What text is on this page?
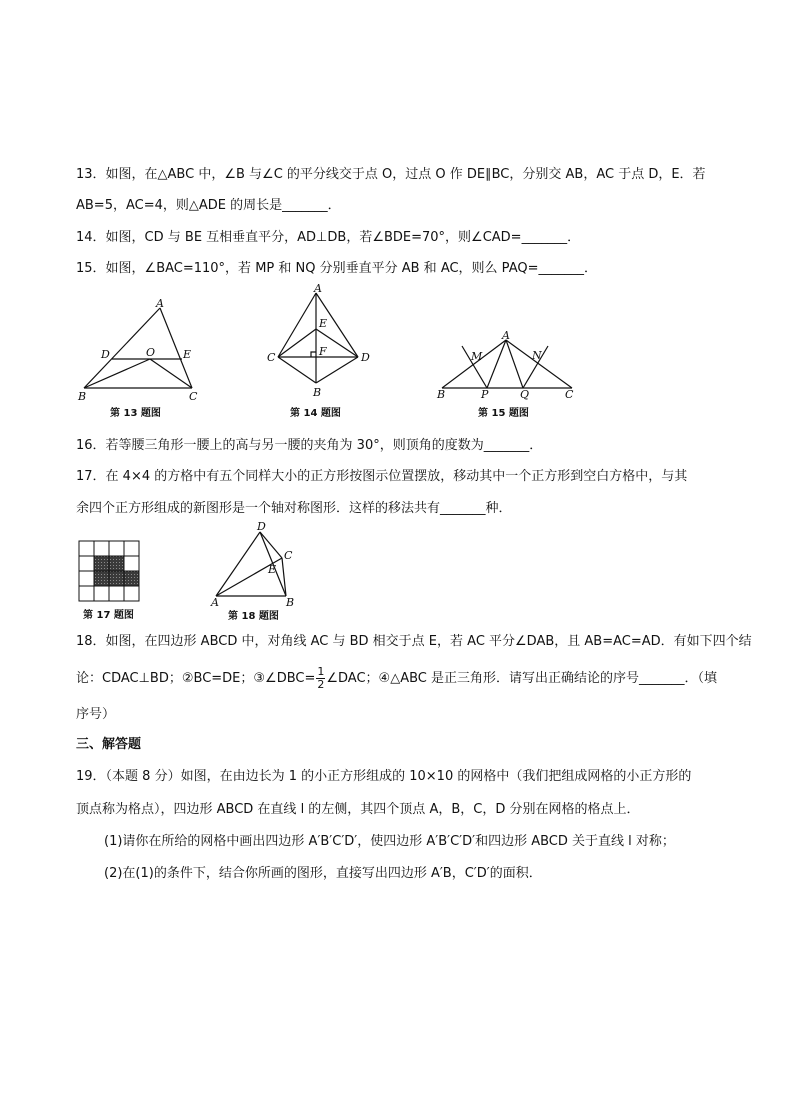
13．如图，在△ABC 中，∠B 与∠C 的平分线交于点 O，过点 O 作 DE∥BC，分别交 AB，AC 于点 D，E．若
AB=5，AC=4，则△ADE 的周长是_______．
14．如图，CD 与 BE 互相垂直平分，AD⊥DB，若∠BDE=70°，则∠CAD=_______．
15．如图，∠BAC=110°，若 MP 和 NQ 分别垂直平分 AB 和 AC，则么 PAQ=_______．
A
B	C
D	O	E
第 13 题图
A
B
C	D
E
F
第 14 题图
A
B	C
M	N
P	Q
第 15 题图
16．若等腰三角形一腰上的高与另一腰的夹角为 30°，则顶角的度数为_______．
17．在 4×4 的方格中有五个同样大小的正方形按图示位置摆放，移动其中一个正方形到空白方格中，与其
余四个正方形组成的新图形是一个轴对称图形．这样的移法共有_______种．
第 17 题图
D
C
E
A	B
第 18 题图
18．如图，在四边形 ABCD 中，对角线 AC 与 BD 相交于点 E，若 AC 平分∠DAB，且 AB=AC=AD．有如下四个结
论：CDAC⊥BD；②BC=DE；③∠DBC= $\frac{1}{2}$ ∠DAC；④△ABC 是正三角形．请写出正确结论的序号_______．（填
序号）
三、解答题
19．（本题 8 分）如图，在由边长为 1 的小正方形组成的 10×10 的网格中（我们把组成网格的小正方形的
顶点称为格点），四边形 ABCD 在直线 l 的左侧，其四个顶点 A，B，C，D 分别在网格的格点上．
(1)请你在所给的网格中画出四边形 A′B′C′D′，使四边形 A′B′C′D′和四边形 ABCD 关于直线 l 对称；
(2)在(1)的条件下，结合你所画的图形，直接写出四边形 A′B，C′D′的面积．
